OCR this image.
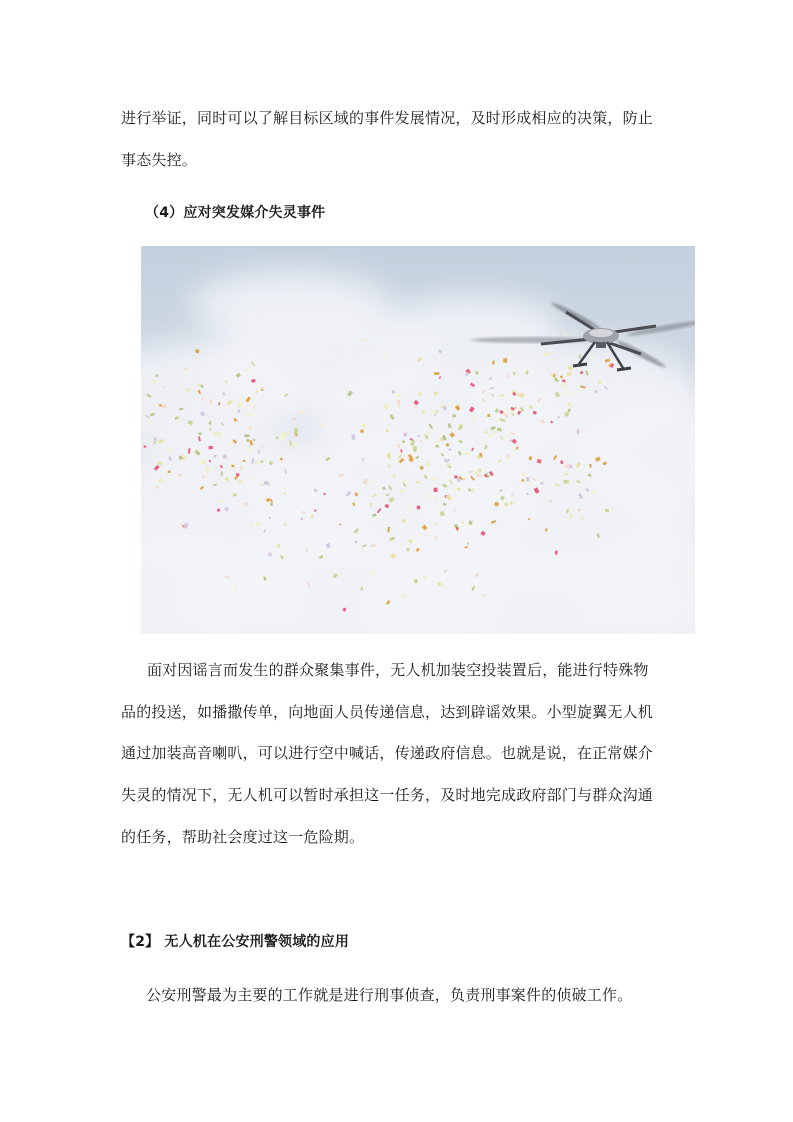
进行举证，同时可以了解目标区域的事件发展情况，及时形成相应的决策，防止
事态失控。
（4）应对突发媒介失灵事件
面对因谣言而发生的群众聚集事件，无人机加装空投装置后，能进行特殊物
品的投送，如播撒传单，向地面人员传递信息，达到辟谣效果。小型旋翼无人机
通过加装高音喇叭，可以进行空中喊话，传递政府信息。也就是说，在正常媒介
失灵的情况下，无人机可以暂时承担这一任务，及时地完成政府部门与群众沟通
的任务，帮助社会度过这一危险期。
【2】 无人机在公安刑警领域的应用
公安刑警最为主要的工作就是进行刑事侦查，负责刑事案件的侦破工作。
